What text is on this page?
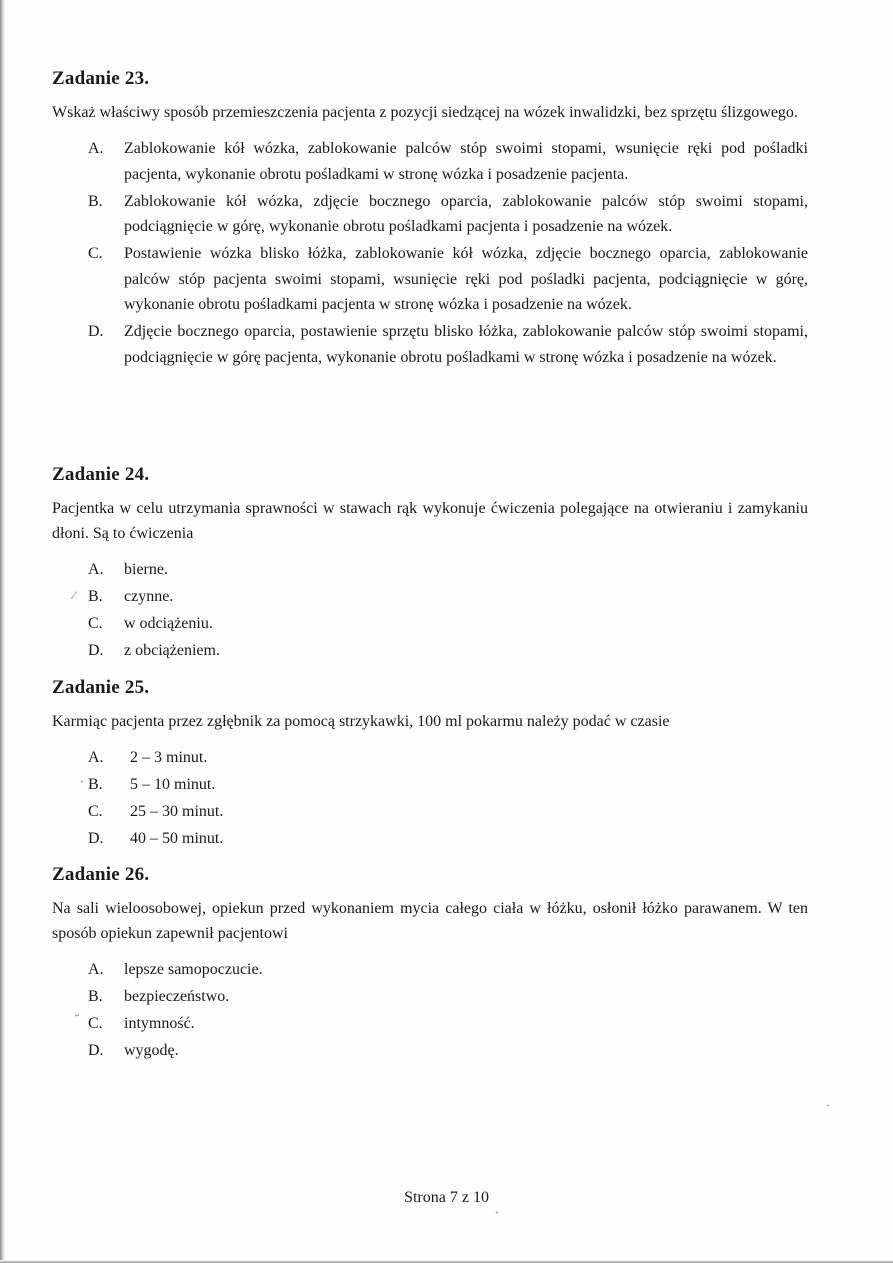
Zadanie 23.

Wskaż właściwy sposób przemieszczenia pacjenta z pozycji siedzącej na wózek inwalidzki, bez sprzętu ślizgowego.

A. Zablokowanie kół wózka, zablokowanie palców stóp swoimi stopami, wsunięcie ręki pod pośladki pacjenta, wykonanie obrotu pośladkami w stronę wózka i posadzenie pacjenta.
B. Zablokowanie kół wózka, zdjęcie bocznego oparcia, zablokowanie palców stóp swoimi stopami, podciągnięcie w górę, wykonanie obrotu pośladkami pacjenta i posadzenie na wózek.
C. Postawienie wózka blisko łóżka, zablokowanie kół wózka, zdjęcie bocznego oparcia, zablokowanie palców stóp pacjenta swoimi stopami, wsunięcie ręki pod pośladki pacjenta, podciągnięcie w górę, wykonanie obrotu pośladkami pacjenta w stronę wózka i posadzenie na wózek.
D. Zdjęcie bocznego oparcia, postawienie sprzętu blisko łóżka, zablokowanie palców stóp swoimi stopami, podciągnięcie w górę pacjenta, wykonanie obrotu pośladkami w stronę wózka i posadzenie na wózek.
Zadanie 24.

Pacjentka w celu utrzymania sprawności w stawach rąk wykonuje ćwiczenia polegające na otwieraniu i zamykaniu dłoni. Są to ćwiczenia

A. bierne.
B. czynne.
C. w odciążeniu.
D. z obciążeniem.
Zadanie 25.

Karmiąc pacjenta przez zgłębnik za pomocą strzykawki, 100 ml pokarmu należy podać w czasie

A. 2 – 3 minut.
B. 5 – 10 minut.
C. 25 – 30 minut.
D. 40 – 50 minut.
Zadanie 26.

Na sali wieloosobowej, opiekun przed wykonaniem mycia całego ciała w łóżku, osłonił łóżko parawanem. W ten sposób opiekun zapewnił pacjentowi

A. lepsze samopoczucie.
B. bezpieczeństwo.
C. intymność.
D. wygodę.
⁄
ˋ
˝
·
ˎ
Strona 7 z 10
